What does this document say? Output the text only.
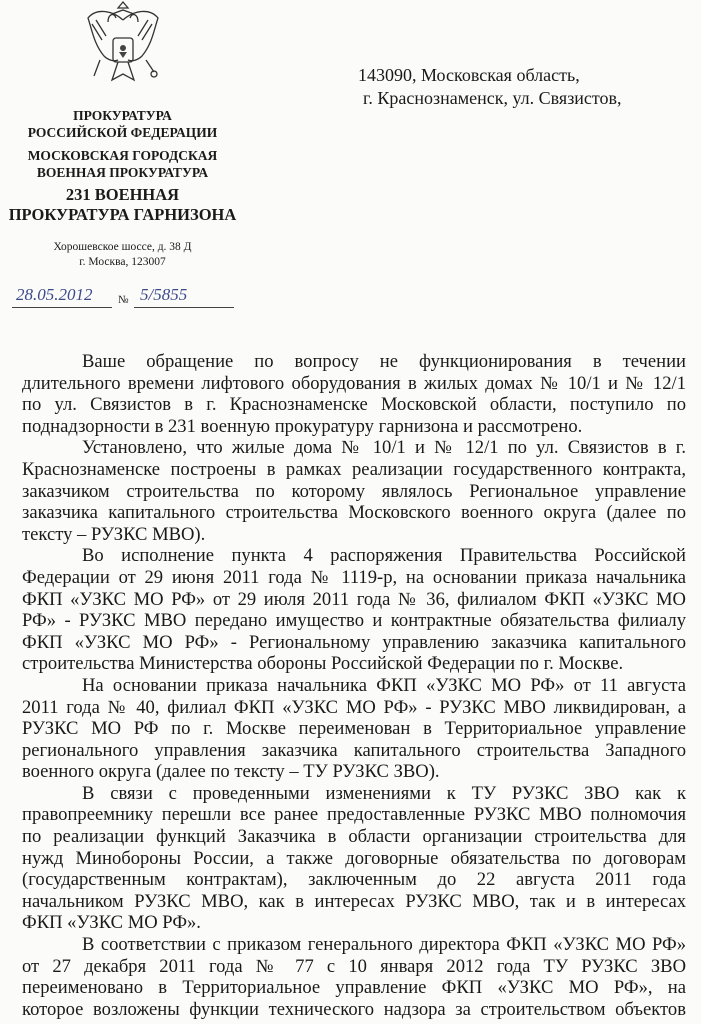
ПРОКУРАТУРА
РОССИЙСКОЙ ФЕДЕРАЦИИ
МОСКОВСКАЯ ГОРОДСКАЯ
ВОЕННАЯ ПРОКУРАТУРА
231 ВОЕННАЯ
ПРОКУРАТУРА ГАРНИЗОНА
Хорошевское шоссе, д. 38 Д
г. Москва, 123007
28.05.2012 № 5/5855
143090, Московская область,
г. Краснознаменск, ул. Связистов,
Ваше обращение по вопросу не функционирования в течении
длительного времени лифтового оборудования в жилых домах № 10/1 и № 12/1
по ул. Связистов в г. Краснознаменске Московской области, поступило по
поднадзорности в 231 военную прокуратуру гарнизона и рассмотрено.
Установлено, что жилые дома № 10/1 и № 12/1 по ул. Связистов в г.
Краснознаменске построены в рамках реализации государственного контракта,
заказчиком строительства по которому являлось Региональное управление
заказчика капитального строительства Московского военного округа (далее по
тексту – РУЗКС МВО).
Во исполнение пункта 4 распоряжения Правительства Российской
Федерации от 29 июня 2011 года № 1119-р, на основании приказа начальника
ФКП «УЗКС МО РФ» от 29 июля 2011 года № 36, филиалом ФКП «УЗКС МО
РФ» - РУЗКС МВО передано имущество и контрактные обязательства филиалу
ФКП «УЗКС МО РФ» - Региональному управлению заказчика капитального
строительства Министерства обороны Российской Федерации по г. Москве.
На основании приказа начальника ФКП «УЗКС МО РФ» от 11 августа
2011 года № 40, филиал ФКП «УЗКС МО РФ» - РУЗКС МВО ликвидирован, а
РУЗКС МО РФ по г. Москве переименован в Территориальное управление
регионального управления заказчика капитального строительства Западного
военного округа (далее по тексту – ТУ РУЗКС ЗВО).
В связи с проведенными изменениями к ТУ РУЗКС ЗВО как к
правопреемнику перешли все ранее предоставленные РУЗКС МВО полномочия
по реализации функций Заказчика в области организации строительства для
нужд Минобороны России, а также договорные обязательства по договорам
(государственным контрактам), заключенным до 22 августа 2011 года
начальником РУЗКС МВО, как в интересах РУЗКС МВО, так и в интересах
ФКП «УЗКС МО РФ».
В соответствии с приказом генерального директора ФКП «УЗКС МО РФ»
от 27 декабря 2011 года № 77 с 10 января 2012 года ТУ РУЗКС ЗВО
переименовано в Территориальное управление ФКП «УЗКС МО РФ», на
которое возложены функции технического надзора за строительством объектов
